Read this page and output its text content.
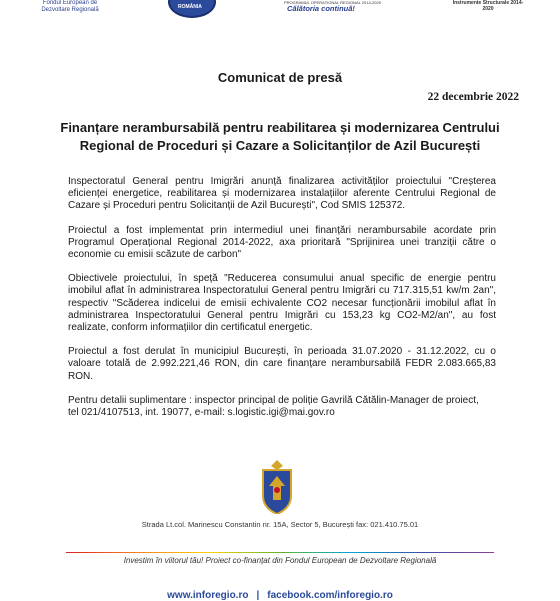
Fondul European de Dezvoltare Regională	ROMÂNIA
PROGRAMUL OPERAȚIONAL REGIONAL 2014-2020
Călătoria continuă!
Instrumente Structurale 2014-2020
Comunicat de presă
22 decembrie 2022
Finanțare nerambursabilă pentru reabilitarea și modernizarea Centrului Regional de Proceduri și Cazare a Solicitanților de Azil București

Inspectoratul General pentru Imigrări anunță finalizarea activităților proiectului "Creșterea eficienței energetice, reabilitarea și modernizarea instalațiilor aferente Centrului Regional de Cazare și Proceduri pentru Solicitanții de Azil București", Cod SMIS 125372.

Proiectul a fost implementat prin intermediul unei finanțări nerambursabile acordate prin Programul Operațional Regional 2014-2022, axa prioritară "Sprijinirea unei tranziții către o economie cu emisii scăzute de carbon"

Obiectivele proiectului, în speță "Reducerea consumului anual specific de energie pentru imobilul aflat în administrarea Inspectoratului General pentru Imigrări cu 717.315,51 kw/m 2an", respectiv "Scăderea indicelui de emisii echivalente CO2 necesar funcționării imobilul aflat în administrarea Inspectoratului General pentru Imigrări cu 153,23 kg CO2-M2/an", au fost realizate, conform informațiilor din certificatul energetic.

Proiectul a fost derulat în municipiul București, în perioada 31.07.2020 - 31.12.2022, cu o valoare totală de 2.992.221,46 RON, din care finanțare nerambursabilă FEDR 2.083.665,83 RON.

Pentru detalii suplimentare : inspector principal de poliție Gavrilă Cătălin-Manager de proiect,

tel 021/4107513, int. 19077, e-mail: s.logistic.igi@mai.gov.ro

Strada Lt.col. Marinescu Constantin nr. 15A, Sector 5, București fax: 021.410.75.01
Investim în viitorul tău! Proiect co-finanțat din Fondul European de Dezvoltare Regională
www.inforegio.ro | facebook.com/inforegio.ro
